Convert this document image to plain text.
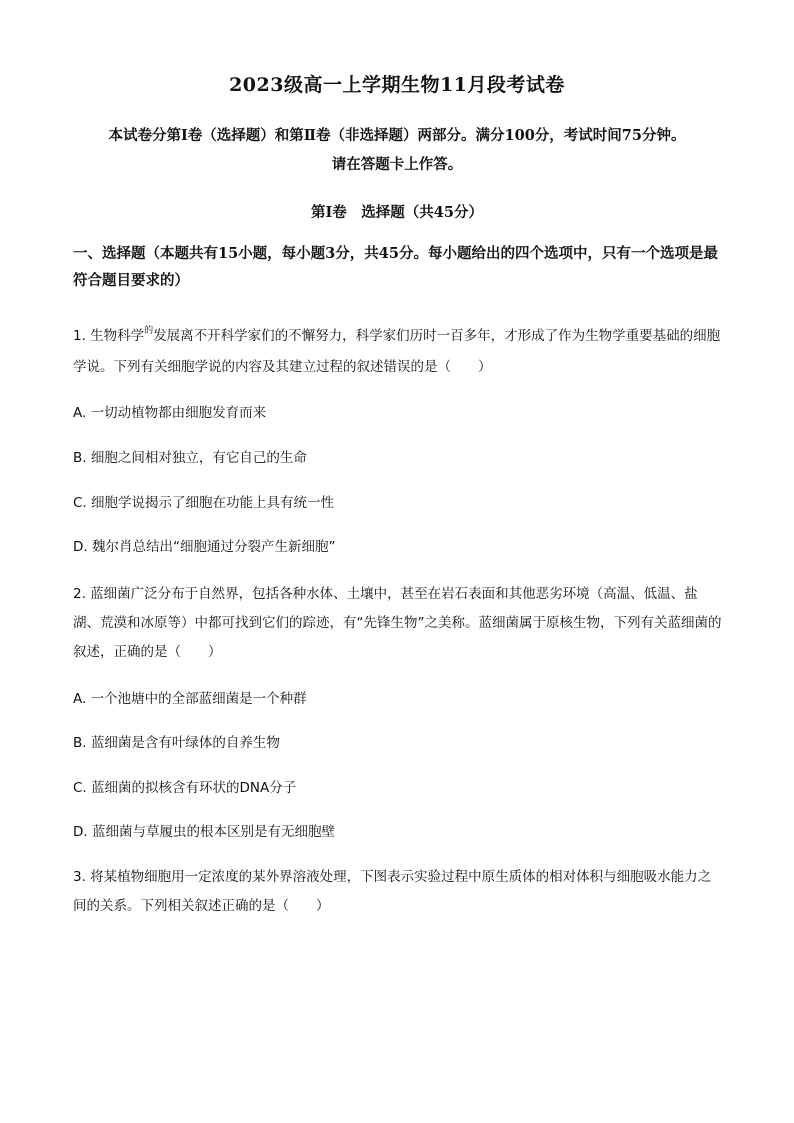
2023级高一上学期生物11月段考试卷
本试卷分第Ⅰ卷（选择题）和第Ⅱ卷（非选择题）两部分。满分100分，考试时间75分钟。
请在答题卡上作答。
第Ⅰ卷　选择题（共45分）
一、选择题（本题共有15小题，每小题3分，共45分。每小题给出的四个选项中，只有一个选项是最符合题目要求的）
1. 生物科学$^的$发展离不开科学家们的不懈努力，科学家们历时一百多年，才形成了作为生物学重要基础的细胞学说。下列有关细胞学说的内容及其建立过程的叙述错误的是（　　）
A. 一切动植物都由细胞发育而来
B. 细胞之间相对独立，有它自己的生命
C. 细胞学说揭示了细胞在功能上具有统一性
D. 魏尔肖总结出“细胞通过分裂产生新细胞”
2. 蓝细菌广泛分布于自然界，包括各种水体、土壤中，甚至在岩石表面和其他恶劣环境（高温、低温、盐湖、荒漠和冰原等）中都可找到它们的踪迹，有“先锋生物”之美称。蓝细菌属于原核生物，下列有关蓝细菌的叙述，正确的是（　　）
A. 一个池塘中的全部蓝细菌是一个种群
B. 蓝细菌是含有叶绿体的自养生物
C. 蓝细菌的拟核含有环状的DNA分子
D. 蓝细菌与草履虫的根本区别是有无细胞壁
3. 将某植物细胞用一定浓度的某外界溶液处理，下图表示实验过程中原生质体的相对体积与细胞吸水能力之间的关系。下列相关叙述正确的是（　　）
